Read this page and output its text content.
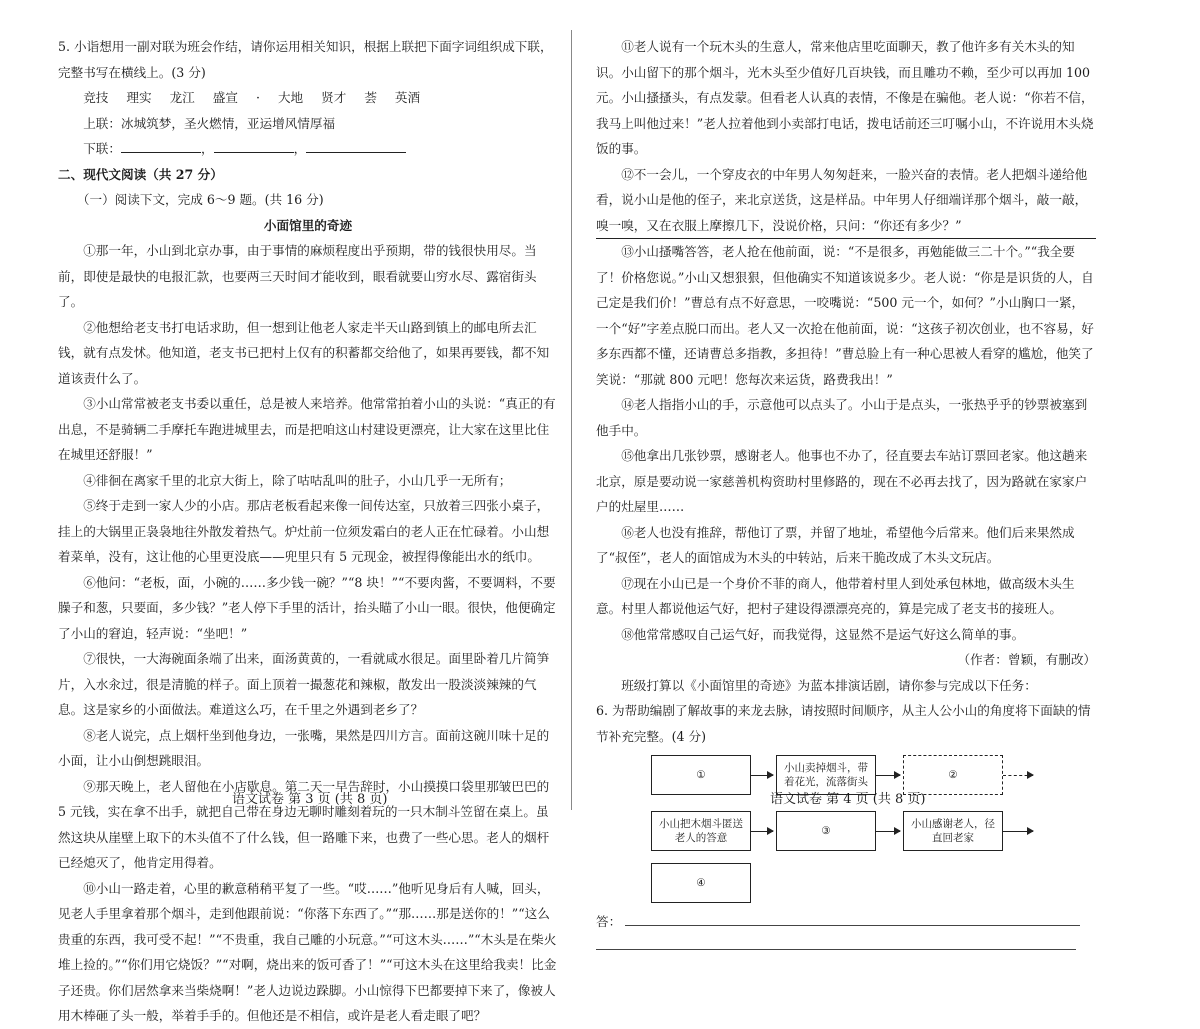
5. 小诣想用一副对联为班会作结，请你运用相关知识，根据上联把下面字词组织成下联，完整书写在横线上。(3 分)

竞技 理实 龙江 盛宣 · 大地 贤才 荟 英酒

上联：冰城筑梦，圣火燃情，亚运增风情厚福

下联：	，	，

二、现代文阅读（共 27 分）

（一）阅读下文，完成 6～9 题。(共 16 分)

小面馆里的奇迹

①那一年，小山到北京办事，由于事情的麻烦程度出乎预期，带的钱很快用尽。当前，即使是最快的电报汇款，也要两三天时间才能收到，眼看就要山穷水尽、露宿街头了。

②他想给老支书打电话求助，但一想到让他老人家走半天山路到镇上的邮电所去汇钱，就有点发怵。他知道，老支书已把村上仅有的积蓄都交给他了，如果再要钱，都不知道该责什么了。

③小山常常被老支书委以重任，总是被人来培养。他常常拍着小山的头说：“真正的有出息，不是骑辆二手摩托车跑进城里去，而是把咱这山村建设更漂亮，让大家在这里比住在城里还舒服！”

④徘徊在离家千里的北京大街上，除了咕咕乱叫的肚子，小山几乎一无所有；

⑤终于走到一家人少的小店。那店老板看起来像一间传达室，只放着三四张小桌子，挂上的大锅里正袅袅地往外散发着热气。炉灶前一位须发霜白的老人正在忙碌着。小山想着菜单，没有，这让他的心里更没底——兜里只有 5 元现金，被捏得像能出水的纸巾。

⑥他问：“老板，面，小碗的……多少钱一碗？”“8 块！”“不要肉酱，不要调料，不要臊子和葱，只要面，多少钱？”老人停下手里的活计，抬头瞄了小山一眼。很快，他便确定了小山的窘迫，轻声说：“坐吧！”

⑦很快，一大海碗面条端了出来，面汤黄黄的，一看就咸水很足。面里卧着几片简笋片，入水汆过，很是清脆的样子。面上顶着一撮葱花和辣椒，散发出一股淡淡辣辣的气息。这是家乡的小面做法。难道这么巧，在千里之外遇到老乡了？

⑧老人说完，点上烟杆坐到他身边，一张嘴，果然是四川方言。面前这碗川味十足的小面，让小山倒想跳眼泪。

⑨那天晚上，老人留他在小店歇息。第二天一早告辞时，小山摸摸口袋里那皱巴巴的 5 元钱，实在拿不出手，就把自己带在身边无聊时雕刻着玩的一只木制斗笠留在桌上。虽然这块从崖壁上取下的木头值不了什么钱，但一路雕下来，也费了一些心思。老人的烟杆已经熄灭了，他肯定用得着。

⑩小山一路走着，心里的歉意稍稍平复了一些。“哎……”他听见身后有人喊，回头，见老人手里拿着那个烟斗，走到他跟前说：“你落下东西了。”“那……那是送你的！”“这么贵重的东西，我可受不起！”“不贵重，我自己雕的小玩意。”“可这木头……”“木头是在柴火堆上捡的。”“你们用它烧饭？”“对啊，烧出来的饭可香了！”“可这木头在这里给我卖！比金子还贵。你们居然拿来当柴烧啊！”老人边说边跺脚。小山惊得下巴都要掉下来了，像被人用木棒砸了头一般，举着手手的。但他还是不相信，或许是老人看走眼了吧？

语文试卷 第 3 页 (共 8 页)

⑪老人说有一个玩木头的生意人，常来他店里吃面聊天，教了他许多有关木头的知识。小山留下的那个烟斗，光木头至少值好几百块钱，而且雕功不赖，至少可以再加 100 元。小山搔搔头，有点发蒙。但看老人认真的表情，不像是在骗他。老人说：“你若不信，我马上叫他过来！”老人拉着他到小卖部打电话，拨电话前还三叮嘱小山，不许说用木头烧饭的事。

⑫不一会儿，一个穿皮衣的中年男人匆匆赶来，一脸兴奋的表情。老人把烟斗递给他看，说小山是他的侄子，来北京送货，这是样品。中年男人仔细端详那个烟斗，敲一敲，嗅一嗅，又在衣服上摩擦几下，没说价格，只问：“你还有多少？”

⑬小山搔嘴答答，老人抢在他前面，说：“不是很多，再勉能做三二十个。”“我全要了！价格您说。”小山又想狠狠，但他确实不知道该说多少。老人说：“你是是识货的人，自己定是我们价！”曹总有点不好意思，一咬嘴说：“500 元一个，如何？”小山胸口一紧，一个“好”字差点脱口而出。老人又一次抢在他前面，说：“这孩子初次创业，也不容易，好多东西都不懂，还请曹总多指教，多担待！”曹总脸上有一种心思被人看穿的尴尬，他笑了笑说：“那就 800 元吧！您每次来运货，路费我出！”

⑭老人指指小山的手，示意他可以点头了。小山于是点头，一张热乎乎的钞票被塞到他手中。

⑮他拿出几张钞票，感谢老人。他事也不办了，径直要去车站订票回老家。他这趟来北京，原是要动说一家慈善机构资助村里修路的，现在不必再去找了，因为路就在家家户户的灶屋里……

⑯老人也没有推辞，帮他订了票，并留了地址，希望他今后常来。他们后来果然成了“叔侄”，老人的面馆成为木头的中转站，后来干脆改成了木头文玩店。

⑰现在小山已是一个身价不菲的商人，他带着村里人到处承包林地，做高级木头生意。村里人都说他运气好，把村子建设得漂漂亮亮的，算是完成了老支书的接班人。

⑱他常常感叹自己运气好，而我觉得，这显然不是运气好这么简单的事。

（作者：曾颖，有删改）

班级打算以《小面馆里的奇迹》为蓝本排演话剧，请你参与完成以下任务：

6. 为帮助编剧了解故事的来龙去脉，请按照时间顺序，从主人公小山的角度将下面缺的情节补充完整。(4 分)

①
小山卖掉烟斗，带着花光，流落街头
②
小山把木烟斗匿送老人的答意
③
小山感谢老人，径直回老家
④

答：

语文试卷 第 4 页 (共 8 页)
